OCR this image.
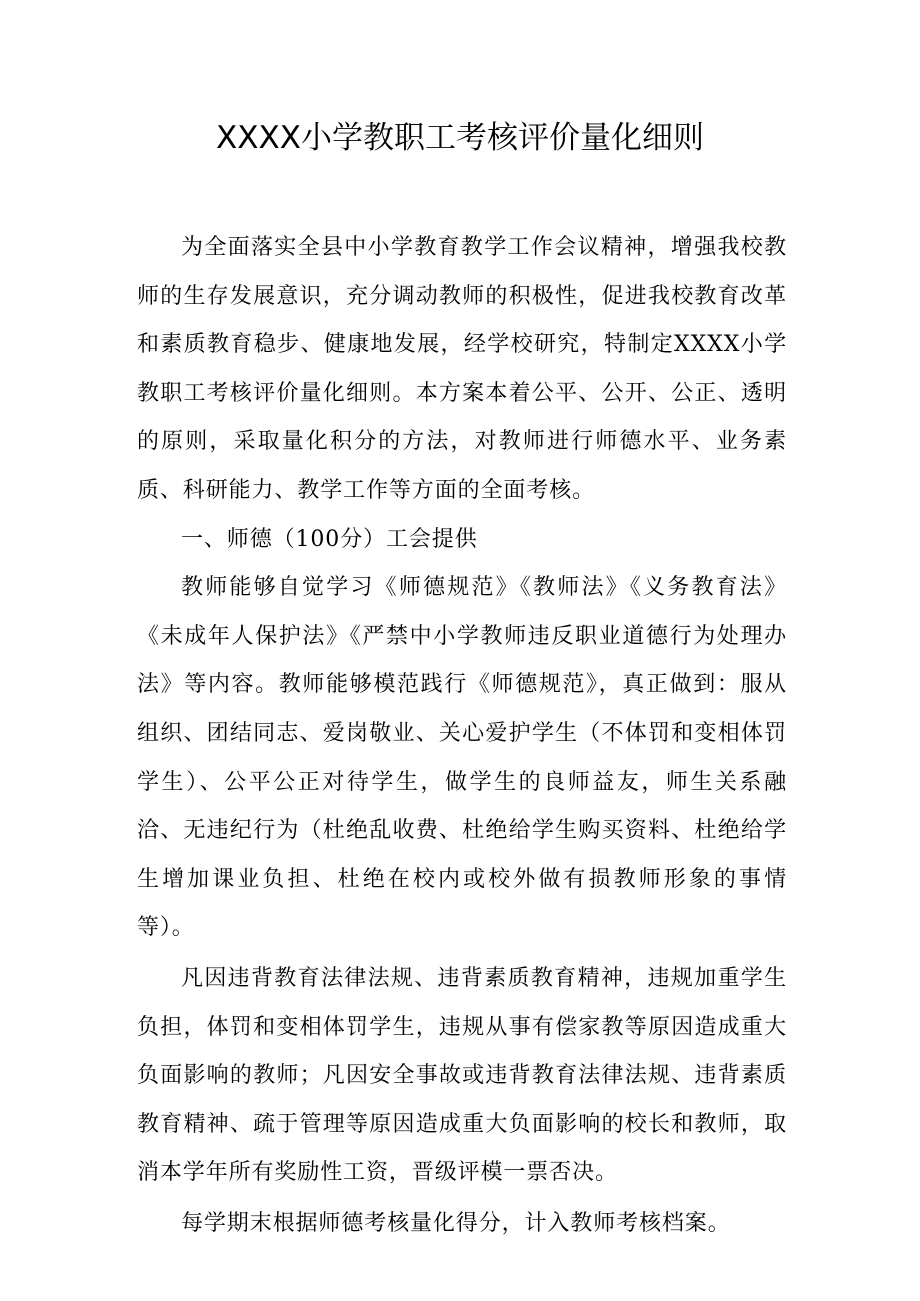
XXXX小学教职工考核评价量化细则

为全面落实全县中小学教育教学工作会议精神，增强我校教师的生存发展意识，充分调动教师的积极性，促进我校教育改革和素质教育稳步、健康地发展，经学校研究，特制定XXXX小学教职工考核评价量化细则。本方案本着公平、公开、公正、透明的原则，采取量化积分的方法，对教师进行师德水平、业务素质、科研能力、教学工作等方面的全面考核。

一、师德（100分）工会提供

教师能够自觉学习《师德规范》《教师法》《义务教育法》《未成年人保护法》《严禁中小学教师违反职业道德行为处理办法》等内容。教师能够模范践行《师德规范》，真正做到：服从组织、团结同志、爱岗敬业、关心爱护学生（不体罚和变相体罚学生）、公平公正对待学生，做学生的良师益友，师生关系融洽、无违纪行为（杜绝乱收费、杜绝给学生购买资料、杜绝给学生增加课业负担、杜绝在校内或校外做有损教师形象的事情等）。

凡因违背教育法律法规、违背素质教育精神，违规加重学生负担，体罚和变相体罚学生，违规从事有偿家教等原因造成重大负面影响的教师；凡因安全事故或违背教育法律法规、违背素质教育精神、疏于管理等原因造成重大负面影响的校长和教师，取消本学年所有奖励性工资，晋级评模一票否决。

每学期末根据师德考核量化得分，计入教师考核档案。
